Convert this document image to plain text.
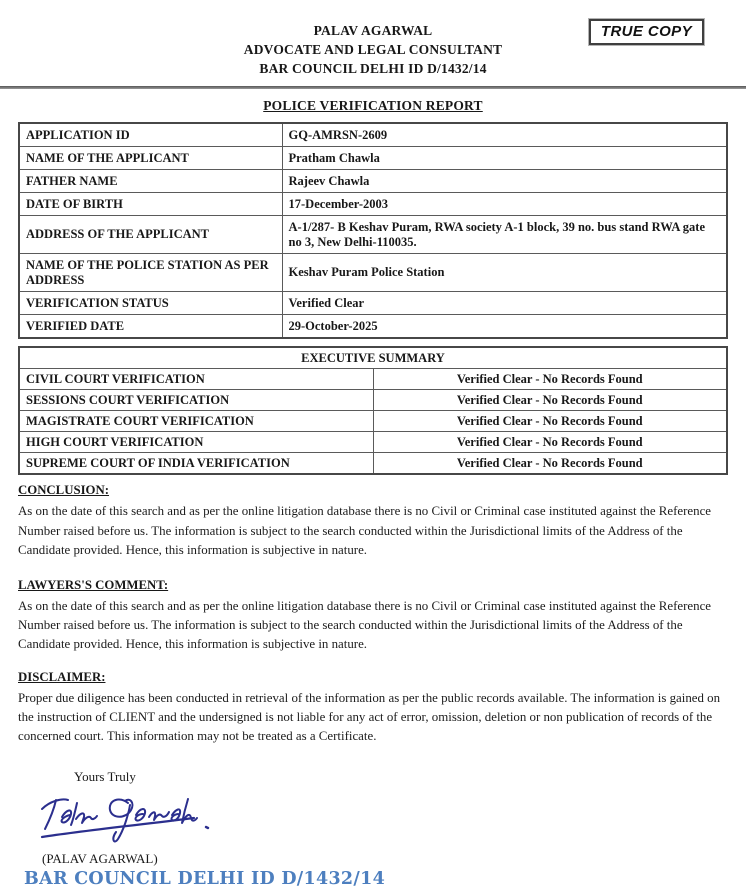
TRUE COPY
PALAV AGARWAL
ADVOCATE AND LEGAL CONSULTANT
BAR COUNCIL DELHI ID D/1432/14
POLICE VERIFICATION REPORT
APPLICATION ID	GQ-AMRSN-2609
NAME OF THE APPLICANT	Pratham Chawla
FATHER NAME	Rajeev Chawla
DATE OF BIRTH	17-December-2003
ADDRESS OF THE APPLICANT	A-1/287- B Keshav Puram, RWA society A-1 block, 39 no. bus stand RWA gate no 3, New Delhi-110035.
NAME OF THE POLICE STATION AS PER ADDRESS	Keshav Puram Police Station
VERIFICATION STATUS	Verified Clear
VERIFIED DATE	29-October-2025
EXECUTIVE SUMMARY	
CIVIL COURT VERIFICATION	Verified Clear - No Records Found
SESSIONS COURT VERIFICATION	Verified Clear - No Records Found
MAGISTRATE COURT VERIFICATION	Verified Clear - No Records Found
HIGH COURT VERIFICATION	Verified Clear - No Records Found
SUPREME COURT OF INDIA VERIFICATION	Verified Clear - No Records Found
CONCLUSION:
As on the date of this search and as per the online litigation database there is no Civil or Criminal case instituted against the Reference Number raised before us. The information is subject to the search conducted within the Jurisdictional limits of the Address of the Candidate provided. Hence, this information is subjective in nature.
LAWYERS'S COMMENT:
As on the date of this search and as per the online litigation database there is no Civil or Criminal case instituted against the Reference Number raised before us. The information is subject to the search conducted within the Jurisdictional limits of the Address of the Candidate provided. Hence, this information is subjective in nature.
DISCLAIMER:
Proper due diligence has been conducted in retrieval of the information as per the public records available. The information is gained on the instruction of CLIENT and the undersigned is not liable for any act of error, omission, deletion or non publication of records of the concerned court. This information may not be treated as a Certificate.
Yours Truly
(PALAV AGARWAL)
BAR COUNCIL DELHI ID D/1432/14
